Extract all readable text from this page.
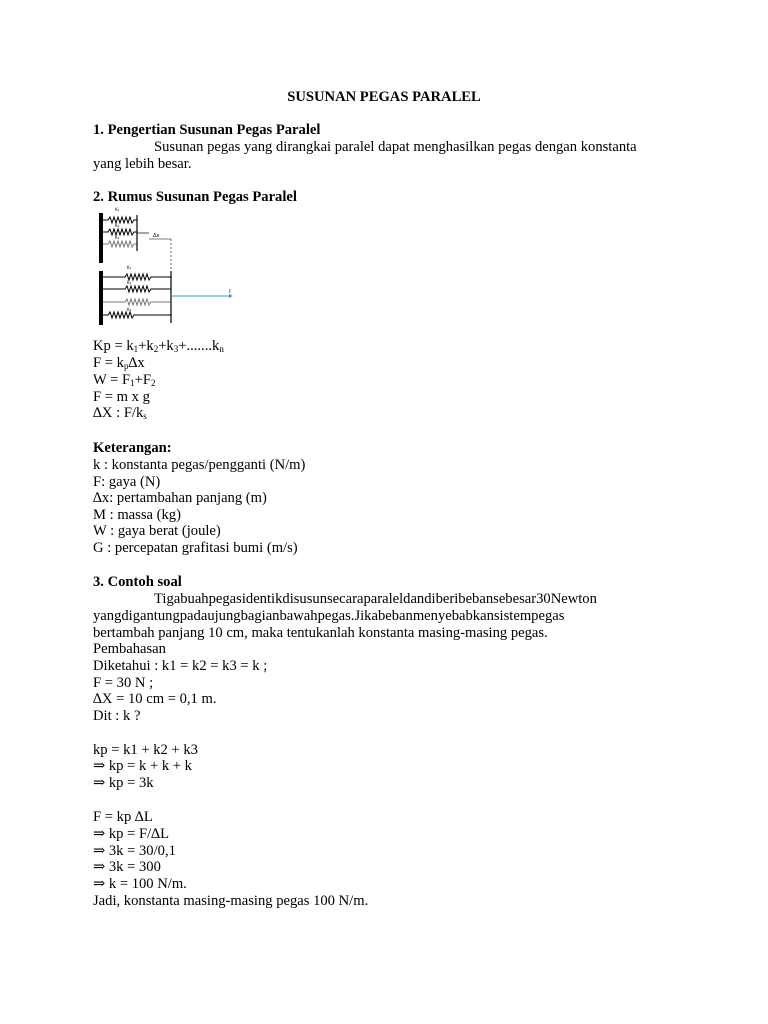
SUSUNAN PEGAS PARALEL
1. Pengertian Susunan Pegas Paralel
Susunan pegas yang dirangkai paralel dapat menghasilkan pegas dengan konstanta
yang lebih besar.
2. Rumus Susunan Pegas Paralel
K₁
K₂
K₃	Δx
K₁
K₂
K₃
F
$Kp = k_1+k_2+k_3+.......k_n$
$F = k_p\Delta x$
$W = F_1+F_2$
F = m x g
∆X : $F/k_s$
Keterangan:
k : konstanta pegas/pengganti (N/m)
F: gaya (N)
∆x: pertambahan panjang (m)
M : massa (kg)
W : gaya berat (joule)
G : percepatan grafitasi bumi (m/s)
3. Contoh soal
Tiga buah pegas identik disusun secara paralel dan diberi beban sebesar 30 Newton
yang digantung pada ujung bagian bawah pegas. Jika beban menyebabkan sistem pegas
bertambah panjang 10 cm, maka tentukanlah konstanta masing-masing pegas.
Pembahasan
Diketahui : k1 = k2 = k3 = k ;
F = 30 N ;
∆X = 10 cm = 0,1 m.
Dit : k ?
kp = k1 + k2 + k3
⇒ kp = k + k + k
⇒ kp = 3k
F = kp ∆L
⇒ kp = F/∆L
⇒ 3k = 30/0,1
⇒ 3k = 300
⇒ k = 100 N/m.
Jadi, konstanta masing-masing pegas 100 N/m.
